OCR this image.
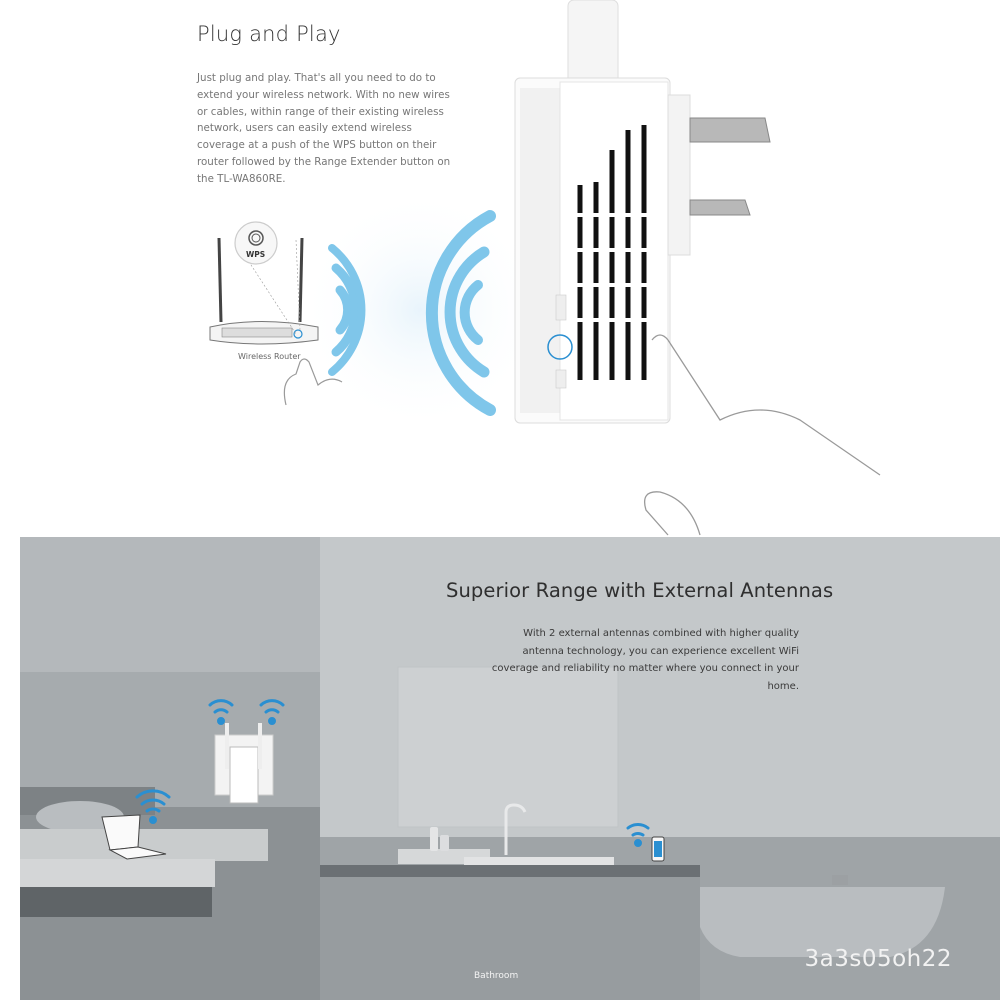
Plug and Play
Just plug and play. That's all you need to do to extend your wireless network. With no new wires or cables, within range of their existing wireless network, users can easily extend wireless coverage at a push of the WPS button on their router followed by the Range Extender button on the TL-WA860RE.
WPS
Wireless Router
Superior Range with External Antennas
With 2 external antennas combined with higher quality antenna technology, you can experience excellent WiFi coverage and reliability no matter where you connect in your home.
Bathroom
3a3s05oh22
